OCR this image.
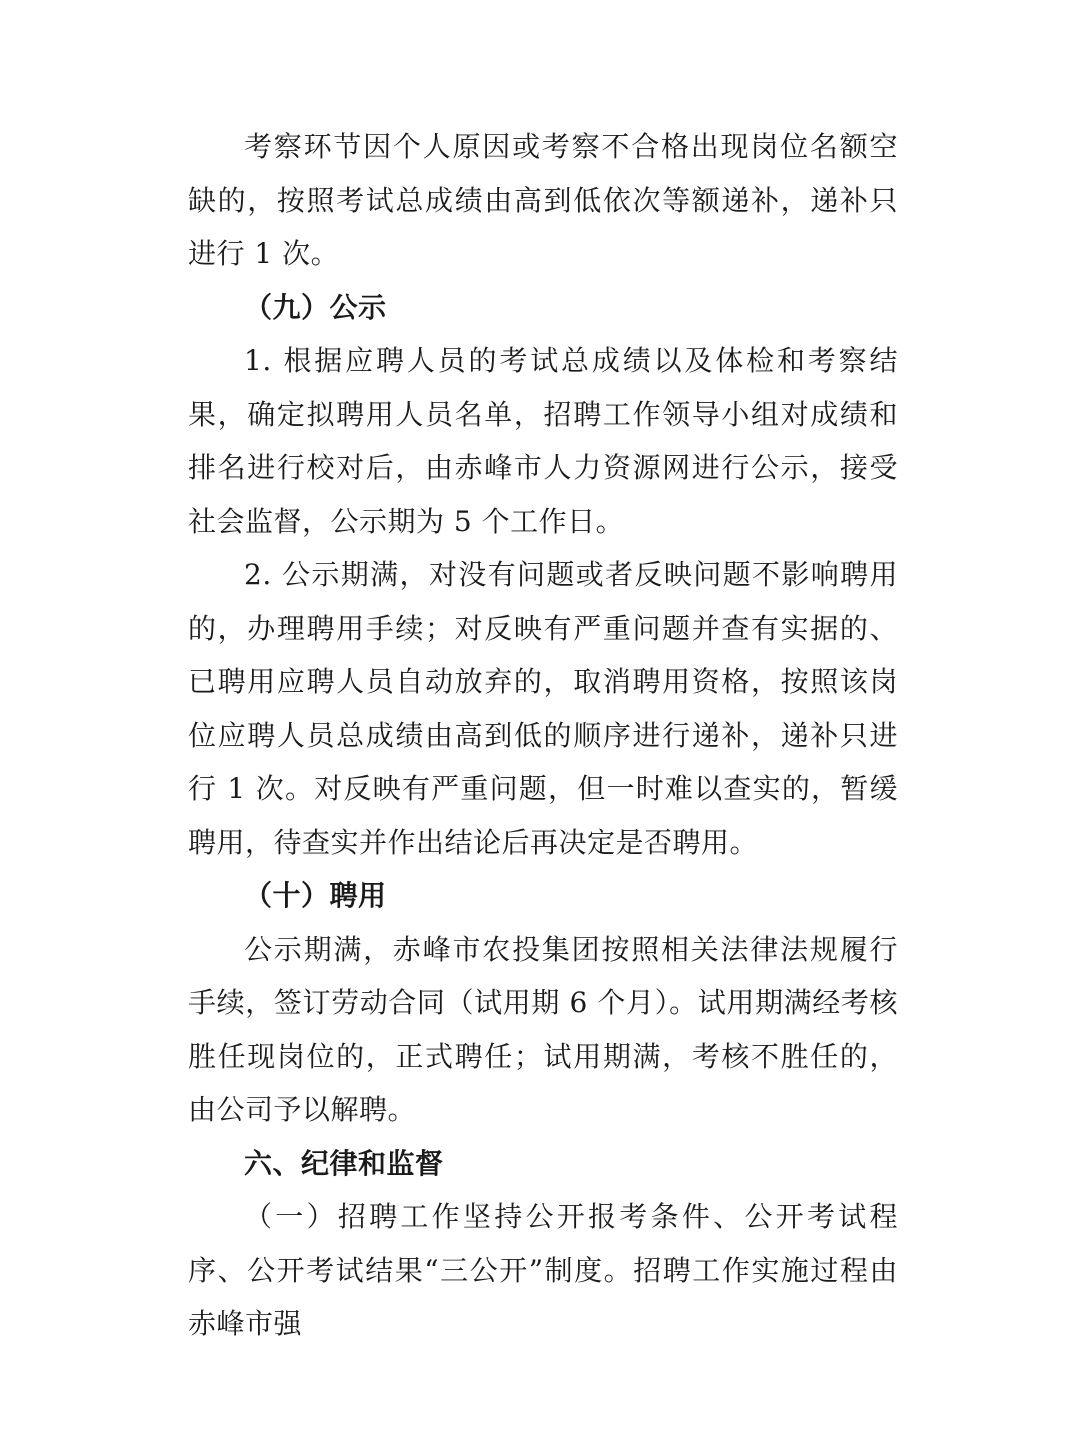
考察环节因个人原因或考察不合格出现岗位名额空缺的，按照考试总成绩由高到低依次等额递补，递补只进行 1 次。

（九）公示

1. 根据应聘人员的考试总成绩以及体检和考察结果，确定拟聘用人员名单，招聘工作领导小组对成绩和排名进行校对后，由赤峰市人力资源网进行公示，接受社会监督，公示期为 5 个工作日。

2. 公示期满，对没有问题或者反映问题不影响聘用的，办理聘用手续；对反映有严重问题并查有实据的、已聘用应聘人员自动放弃的，取消聘用资格，按照该岗位应聘人员总成绩由高到低的顺序进行递补，递补只进行 1 次。对反映有严重问题，但一时难以查实的，暂缓聘用，待查实并作出结论后再决定是否聘用。

（十）聘用

公示期满，赤峰市农投集团按照相关法律法规履行手续，签订劳动合同（试用期 6 个月）。试用期满经考核胜任现岗位的，正式聘任；试用期满，考核不胜任的，由公司予以解聘。

六、纪律和监督

（一）招聘工作坚持公开报考条件、公开考试程序、公开考试结果“三公开”制度。招聘工作实施过程由赤峰市强
